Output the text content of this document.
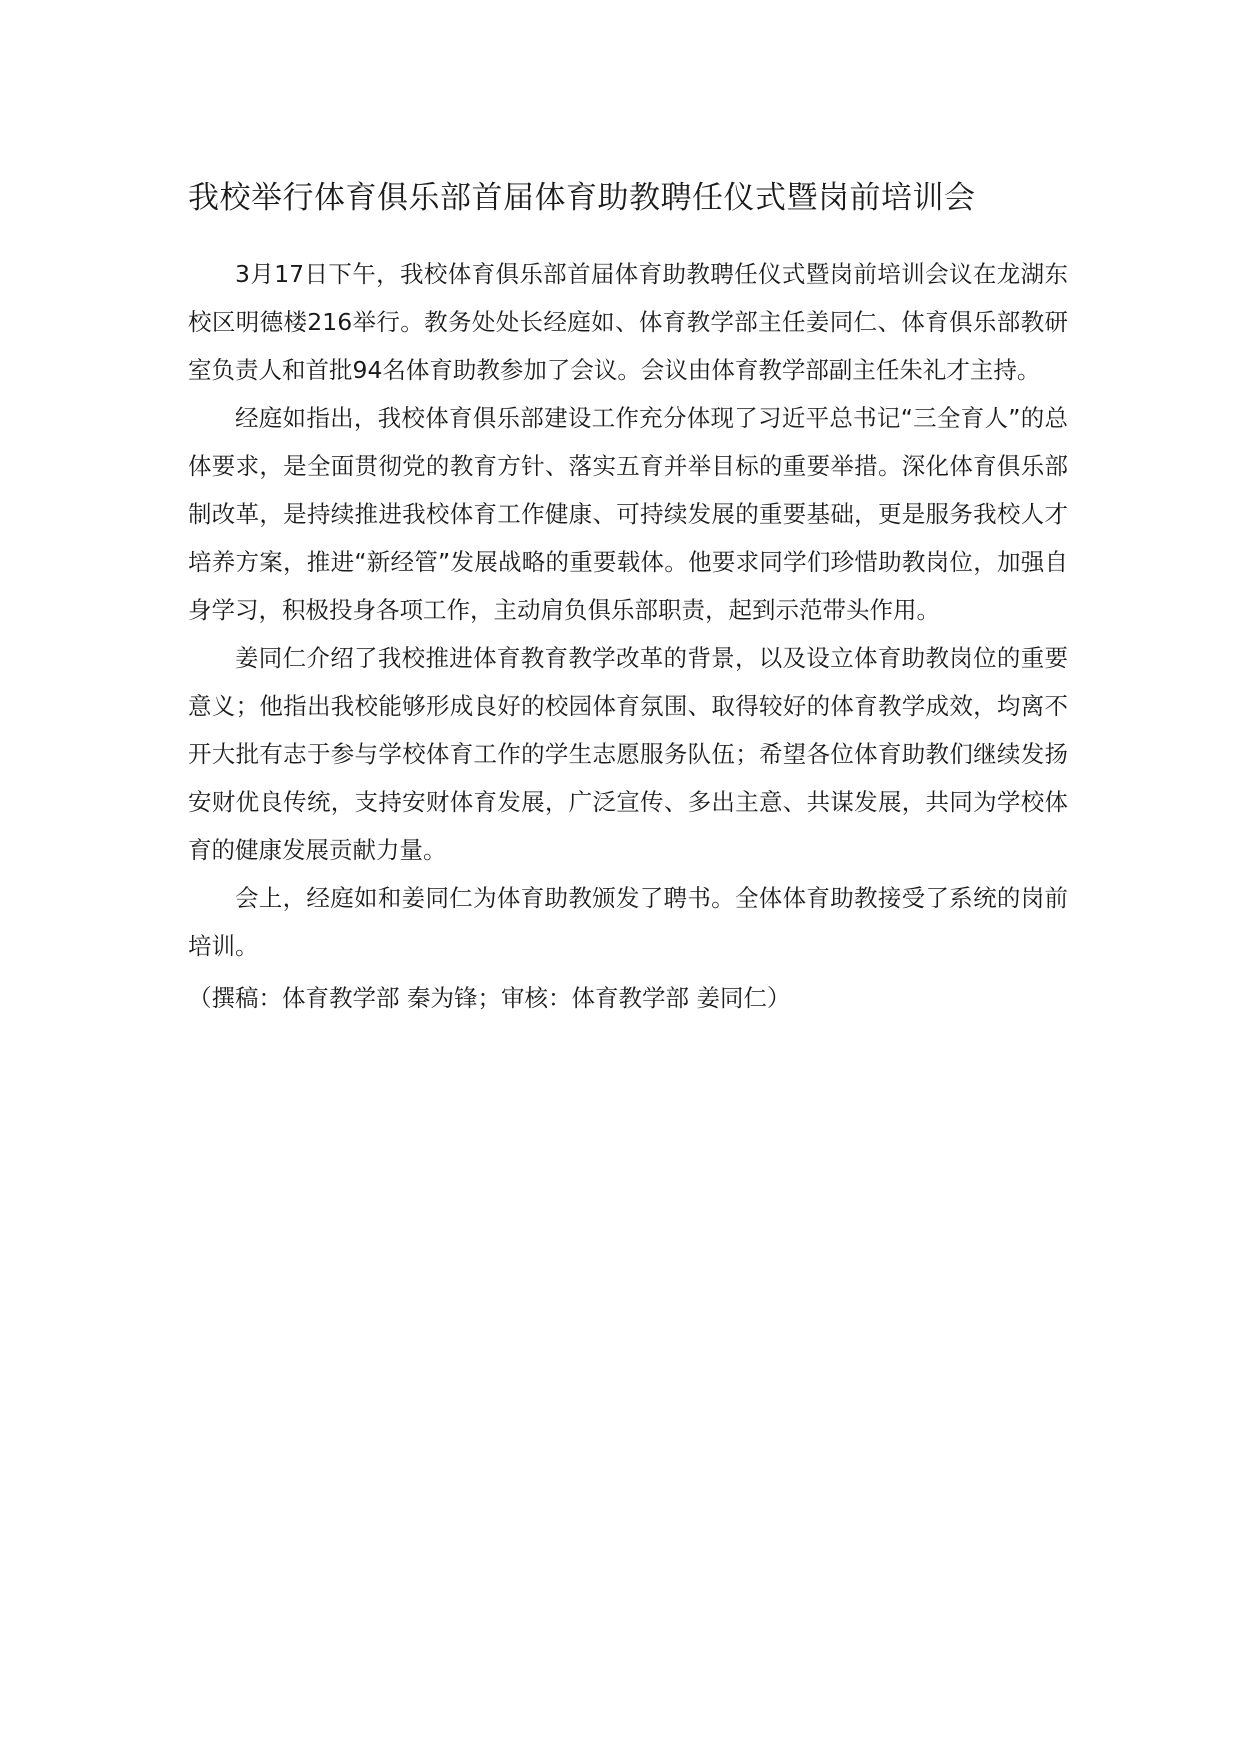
我校举行体育俱乐部首届体育助教聘任仪式暨岗前培训会

3月17日下午，我校体育俱乐部首届体育助教聘任仪式暨岗前培训会议在龙湖东校区明德楼216举行。教务处处长经庭如、体育教学部主任姜同仁、体育俱乐部教研室负责人和首批94名体育助教参加了会议。会议由体育教学部副主任朱礼才主持。

经庭如指出，我校体育俱乐部建设工作充分体现了习近平总书记“三全育人”的总体要求，是全面贯彻党的教育方针、落实五育并举目标的重要举措。深化体育俱乐部制改革，是持续推进我校体育工作健康、可持续发展的重要基础，更是服务我校人才培养方案，推进“新经管”发展战略的重要载体。他要求同学们珍惜助教岗位，加强自身学习，积极投身各项工作，主动肩负俱乐部职责，起到示范带头作用。

姜同仁介绍了我校推进体育教育教学改革的背景，以及设立体育助教岗位的重要意义；他指出我校能够形成良好的校园体育氛围、取得较好的体育教学成效，均离不开大批有志于参与学校体育工作的学生志愿服务队伍；希望各位体育助教们继续发扬安财优良传统，支持安财体育发展，广泛宣传、多出主意、共谋发展，共同为学校体育的健康发展贡献力量。

会上，经庭如和姜同仁为体育助教颁发了聘书。全体体育助教接受了系统的岗前培训。

（撰稿：体育教学部 秦为锋；审核：体育教学部 姜同仁）
